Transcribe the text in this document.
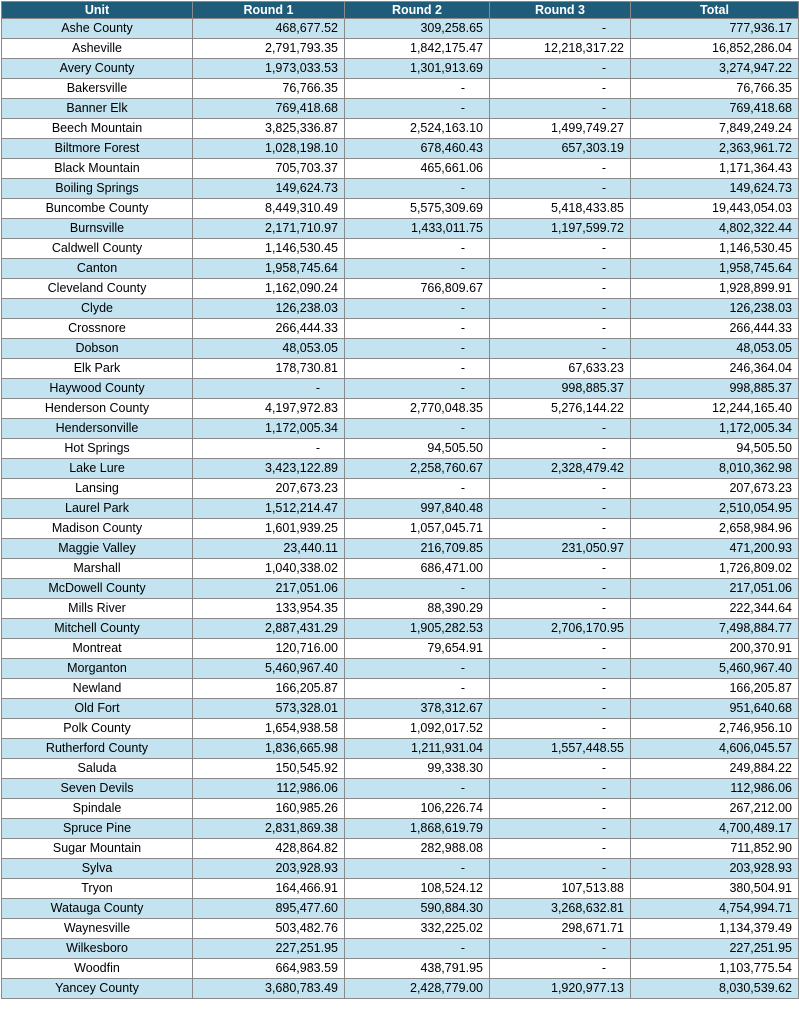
Unit	Round 1	Round 2	Round 3	Total
Ashe County	468,677.52	309,258.65	-	777,936.17
Asheville	2,791,793.35	1,842,175.47	12,218,317.22	16,852,286.04
Avery County	1,973,033.53	1,301,913.69	-	3,274,947.22
Bakersville	76,766.35	-	-	76,766.35
Banner Elk	769,418.68	-	-	769,418.68
Beech Mountain	3,825,336.87	2,524,163.10	1,499,749.27	7,849,249.24
Biltmore Forest	1,028,198.10	678,460.43	657,303.19	2,363,961.72
Black Mountain	705,703.37	465,661.06	-	1,171,364.43
Boiling Springs	149,624.73	-	-	149,624.73
Buncombe County	8,449,310.49	5,575,309.69	5,418,433.85	19,443,054.03
Burnsville	2,171,710.97	1,433,011.75	1,197,599.72	4,802,322.44
Caldwell County	1,146,530.45	-	-	1,146,530.45
Canton	1,958,745.64	-	-	1,958,745.64
Cleveland County	1,162,090.24	766,809.67	-	1,928,899.91
Clyde	126,238.03	-	-	126,238.03
Crossnore	266,444.33	-	-	266,444.33
Dobson	48,053.05	-	-	48,053.05
Elk Park	178,730.81	-	67,633.23	246,364.04
Haywood County	-	-	998,885.37	998,885.37
Henderson County	4,197,972.83	2,770,048.35	5,276,144.22	12,244,165.40
Hendersonville	1,172,005.34	-	-	1,172,005.34
Hot Springs	-	94,505.50	-	94,505.50
Lake Lure	3,423,122.89	2,258,760.67	2,328,479.42	8,010,362.98
Lansing	207,673.23	-	-	207,673.23
Laurel Park	1,512,214.47	997,840.48	-	2,510,054.95
Madison County	1,601,939.25	1,057,045.71	-	2,658,984.96
Maggie Valley	23,440.11	216,709.85	231,050.97	471,200.93
Marshall	1,040,338.02	686,471.00	-	1,726,809.02
McDowell County	217,051.06	-	-	217,051.06
Mills River	133,954.35	88,390.29	-	222,344.64
Mitchell County	2,887,431.29	1,905,282.53	2,706,170.95	7,498,884.77
Montreat	120,716.00	79,654.91	-	200,370.91
Morganton	5,460,967.40	-	-	5,460,967.40
Newland	166,205.87	-	-	166,205.87
Old Fort	573,328.01	378,312.67	-	951,640.68
Polk County	1,654,938.58	1,092,017.52	-	2,746,956.10
Rutherford County	1,836,665.98	1,211,931.04	1,557,448.55	4,606,045.57
Saluda	150,545.92	99,338.30	-	249,884.22
Seven Devils	112,986.06	-	-	112,986.06
Spindale	160,985.26	106,226.74	-	267,212.00
Spruce Pine	2,831,869.38	1,868,619.79	-	4,700,489.17
Sugar Mountain	428,864.82	282,988.08	-	711,852.90
Sylva	203,928.93	-	-	203,928.93
Tryon	164,466.91	108,524.12	107,513.88	380,504.91
Watauga County	895,477.60	590,884.30	3,268,632.81	4,754,994.71
Waynesville	503,482.76	332,225.02	298,671.71	1,134,379.49
Wilkesboro	227,251.95	-	-	227,251.95
Woodfin	664,983.59	438,791.95	-	1,103,775.54
Yancey County	3,680,783.49	2,428,779.00	1,920,977.13	8,030,539.62
